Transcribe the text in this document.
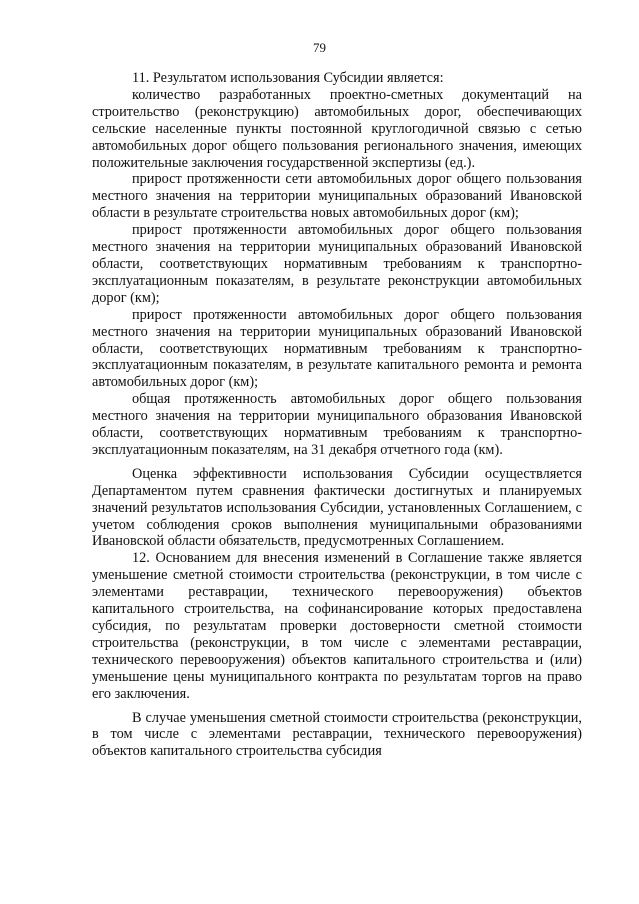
79

11. Результатом использования Субсидии является:

количество разработанных проектно-сметных документаций на строительство (реконструкцию) автомобильных дорог, обеспечивающих сельские населенные пункты постоянной круглогодичной связью с сетью автомобильных дорог общего пользования регионального значения, имеющих положительные заключения государственной экспертизы (ед.).

прирост протяженности сети автомобильных дорог общего пользования местного значения на территории муниципальных образований Ивановской области в результате строительства новых автомобильных дорог (км);

прирост протяженности автомобильных дорог общего пользования местного значения на территории муниципальных образований Ивановской области, соответствующих нормативным требованиям к транспортно-эксплуатационным показателям, в результате реконструкции автомобильных дорог (км);

прирост протяженности автомобильных дорог общего пользования местного значения на территории муниципальных образований Ивановской области, соответствующих нормативным требованиям к транспортно-эксплуатационным показателям, в результате капитального ремонта и ремонта автомобильных дорог (км);

общая протяженность автомобильных дорог общего пользования местного значения на территории муниципального образования Ивановской области, соответствующих нормативным требованиям к транспортно-эксплуатационным показателям, на 31 декабря отчетного года (км).

Оценка эффективности использования Субсидии осуществляется Департаментом путем сравнения фактически достигнутых и планируемых значений результатов использования Субсидии, установленных Соглашением, с учетом соблюдения сроков выполнения муниципальными образованиями Ивановской области обязательств, предусмотренных Соглашением.

12. Основанием для внесения изменений в Соглашение также является уменьшение сметной стоимости строительства (реконструкции, в том числе с элементами реставрации, технического перевооружения) объектов капитального строительства, на софинансирование которых предоставлена субсидия, по результатам проверки достоверности сметной стоимости строительства (реконструкции, в том числе с элементами реставрации, технического перевооружения) объектов капитального строительства и (или) уменьшение цены муниципального контракта по результатам торгов на право его заключения.

В случае уменьшения сметной стоимости строительства (реконструкции, в том числе с элементами реставрации, технического перевооружения) объектов капитального строительства субсидия
